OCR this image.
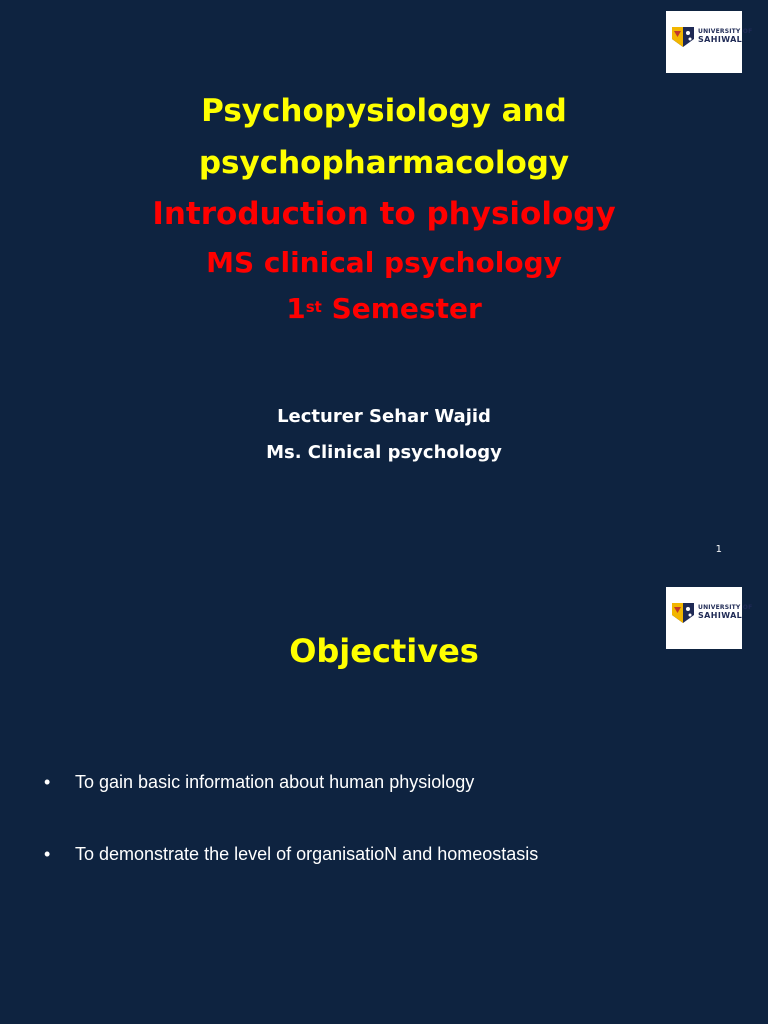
UNIVERSITY OF
SAHIWAL
Psychopysiology and
psychopharmacology
Introduction to physiology
MS clinical psychology
1st Semester
Lecturer Sehar Wajid
Ms. Clinical psychology
1
UNIVERSITY OF
SAHIWAL
Objectives
• To gain basic information about human physiology
• To demonstrate the level of organisatioN and homeostasis
